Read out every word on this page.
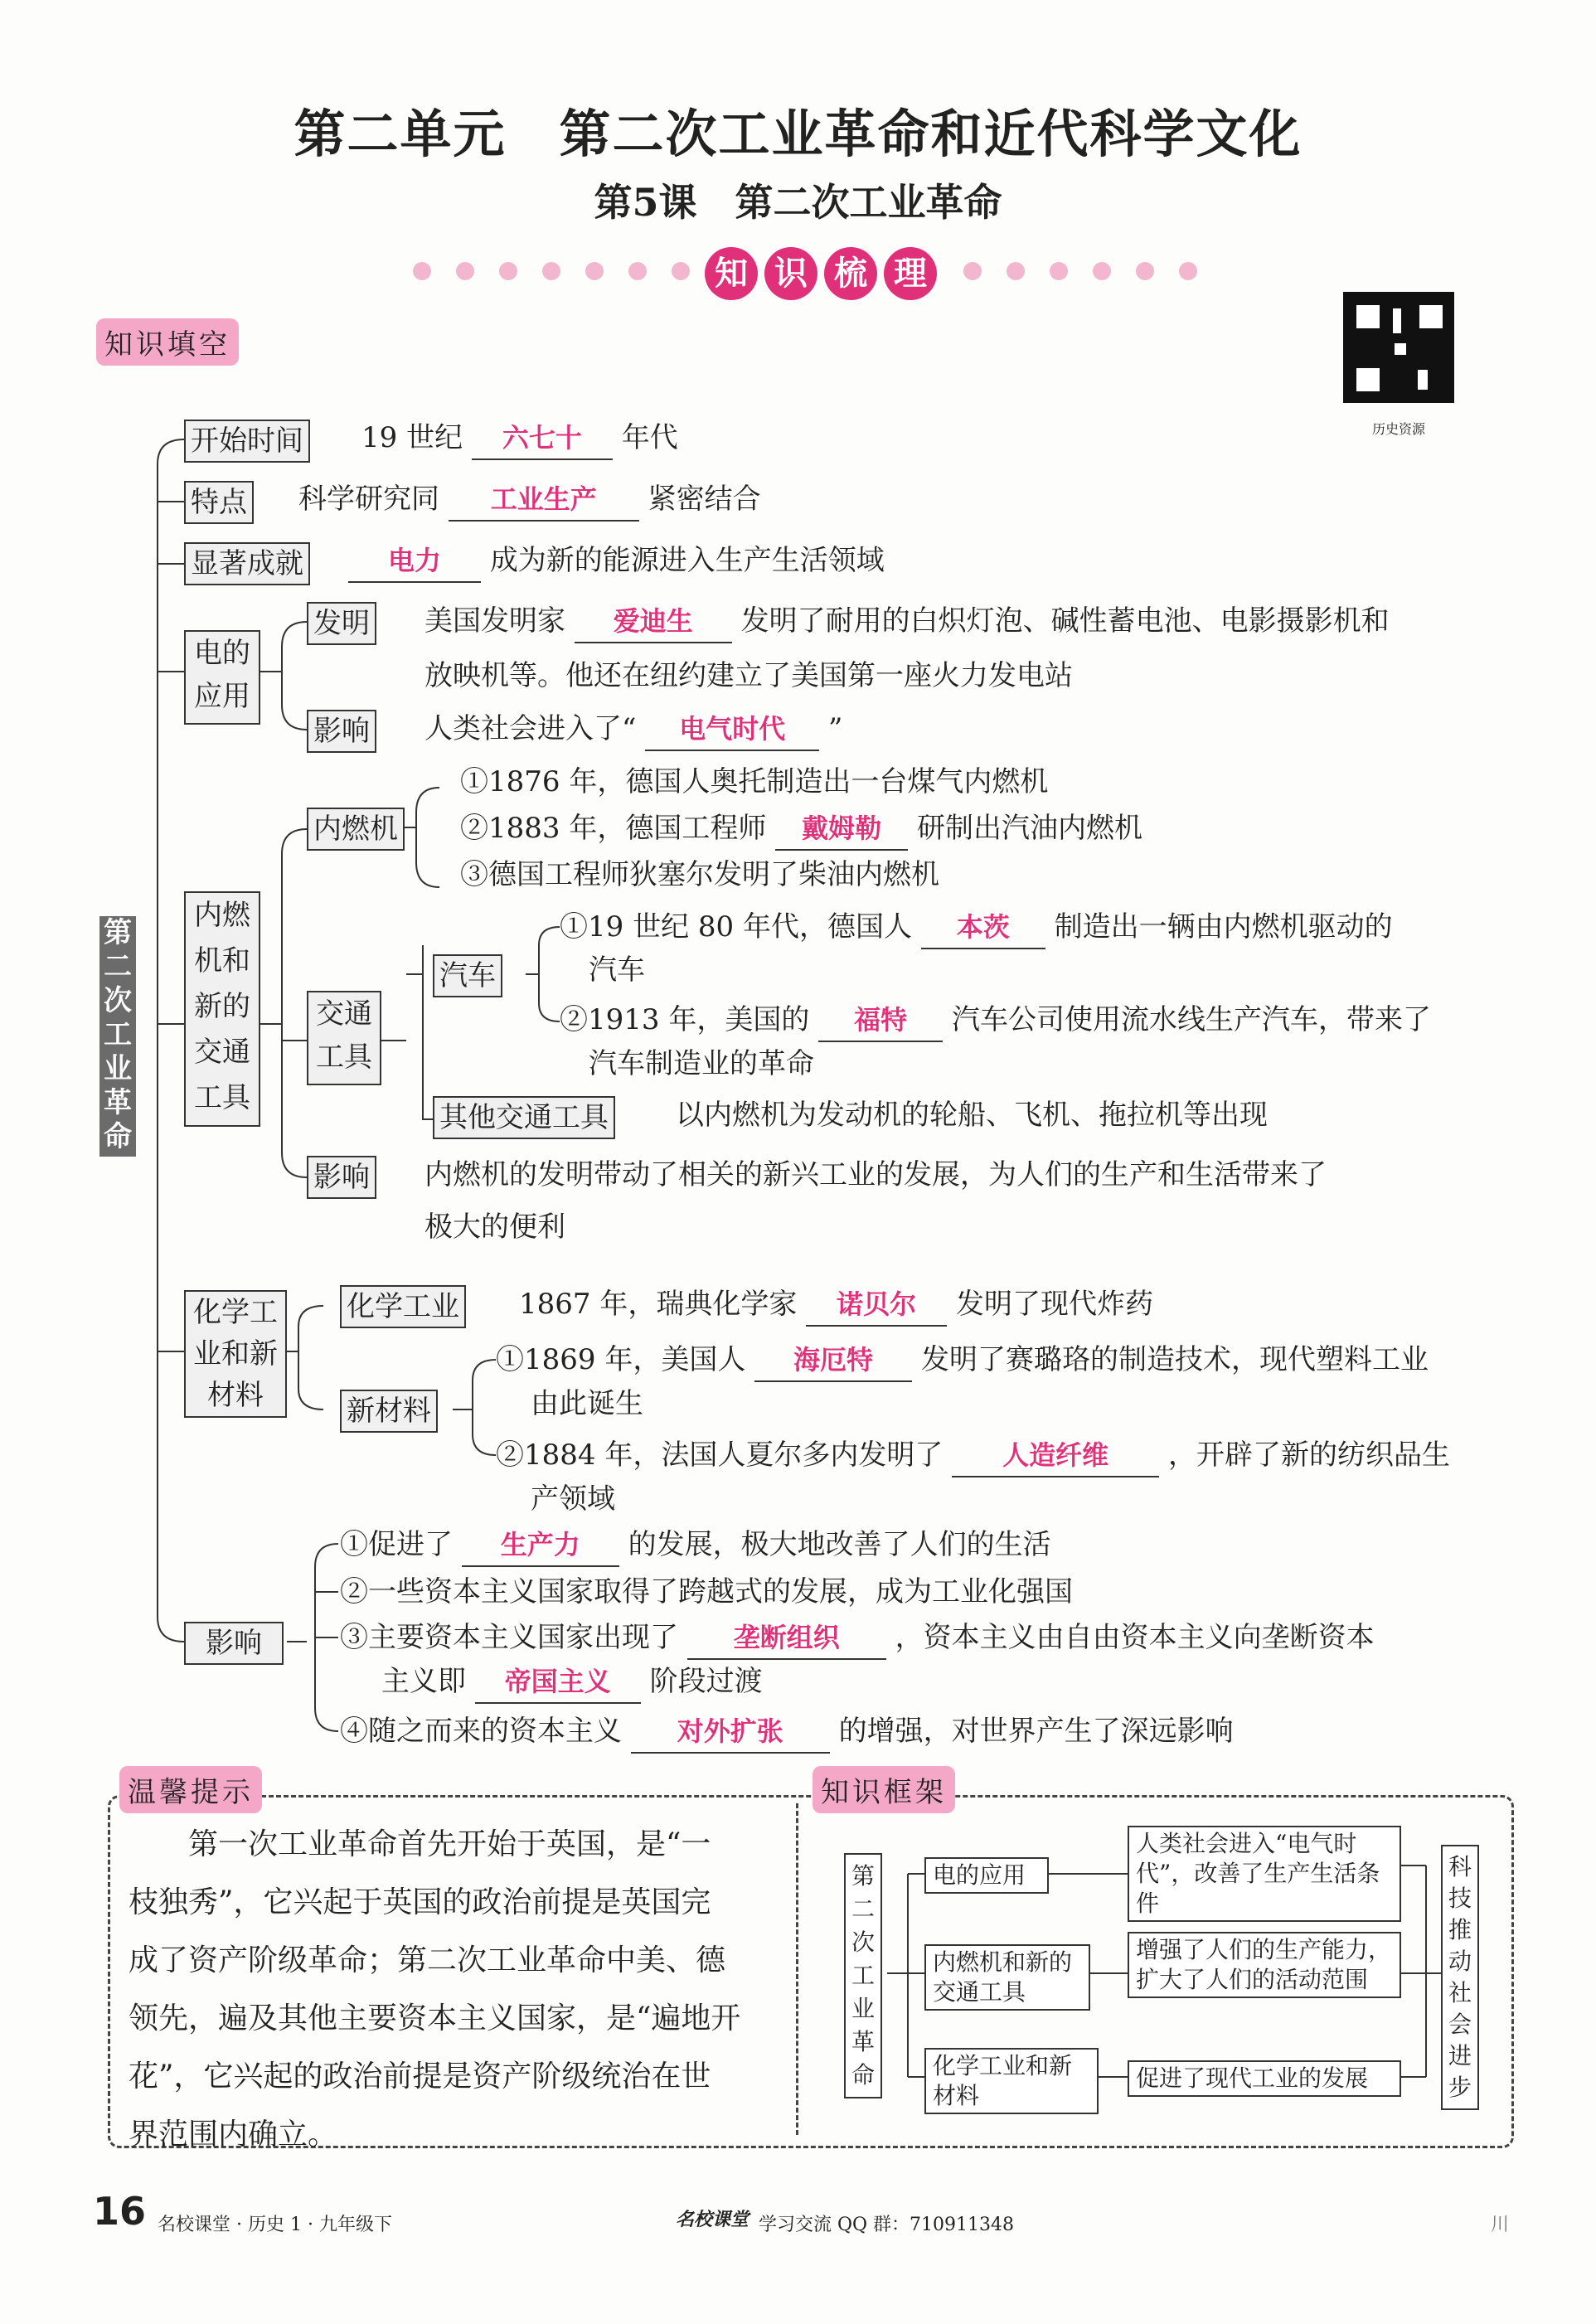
第二单元　第二次工业革命和近代科学文化
第5课　第二次工业革命
知 识 梳 理
历史资源
知识填空
第二次工业革命
开始时间 19 世纪 六七十 年代
特点 科学研究同 工业生产 紧密结合
显著成就	电力 成为新的能源进入生产生活领域
电的应用
发明 美国发明家 爱迪生 发明了耐用的白炽灯泡、碱性蓄电池、电影摄影机和
放映机等。他还在纽约建立了美国第一座火力发电站
影响 人类社会进入了“ 电气时代 ”
内燃机和新的交通工具
内燃机
①1876 年，德国人奥托制造出一台煤气内燃机
②1883 年，德国工程师 戴姆勒 研制出汽油内燃机
③德国工程师狄塞尔发明了柴油内燃机
交通工具
汽车
①19 世纪 80 年代，德国人 本茨 制造出一辆由内燃机驱动的
汽车
②1913 年，美国的 福特 汽车公司使用流水线生产汽车，带来了
汽车制造业的革命
其他交通工具 以内燃机为发动机的轮船、飞机、拖拉机等出现
影响 内燃机的发明带动了相关的新兴工业的发展，为人们的生产和生活带来了
极大的便利
化学工业和新材料
化学工业 1867 年，瑞典化学家 诺贝尔 发明了现代炸药
新材料
①1869 年，美国人 海厄特 发明了赛璐珞的制造技术，现代塑料工业
由此诞生
②1884 年，法国人夏尔多内发明了 人造纤维 ，开辟了新的纺织品生
产领域
影响
①促进了 生产力 的发展，极大地改善了人们的生活
②一些资本主义国家取得了跨越式的发展，成为工业化强国
③主要资本主义国家出现了 垄断组织 ，资本主义由自由资本主义向垄断资本
主义即 帝国主义 阶段过渡
④随之而来的资本主义 对外扩张 的增强，对世界产生了深远影响
温馨提示	知识框架
　　第一次工业革命首先开始于英国，是“一
枝独秀”，它兴起于英国的政治前提是英国完
成了资产阶级革命；第二次工业革命中美、德
领先，遍及其他主要资本主义国家，是“遍地开
花”，它兴起的政治前提是资产阶级统治在世
界范围内确立。
第二次工业革命
电的应用
内燃机和新的交通工具
化学工业和新材料
人类社会进入“电气时代”，改善了生产生活条件
增强了人们的生产能力，扩大了人们的活动范围
促进了现代工业的发展
科技推动社会进步
16 名校课堂 · 历史 1 · 九年级下	名校课堂 学习交流 QQ 群：710911348	川
